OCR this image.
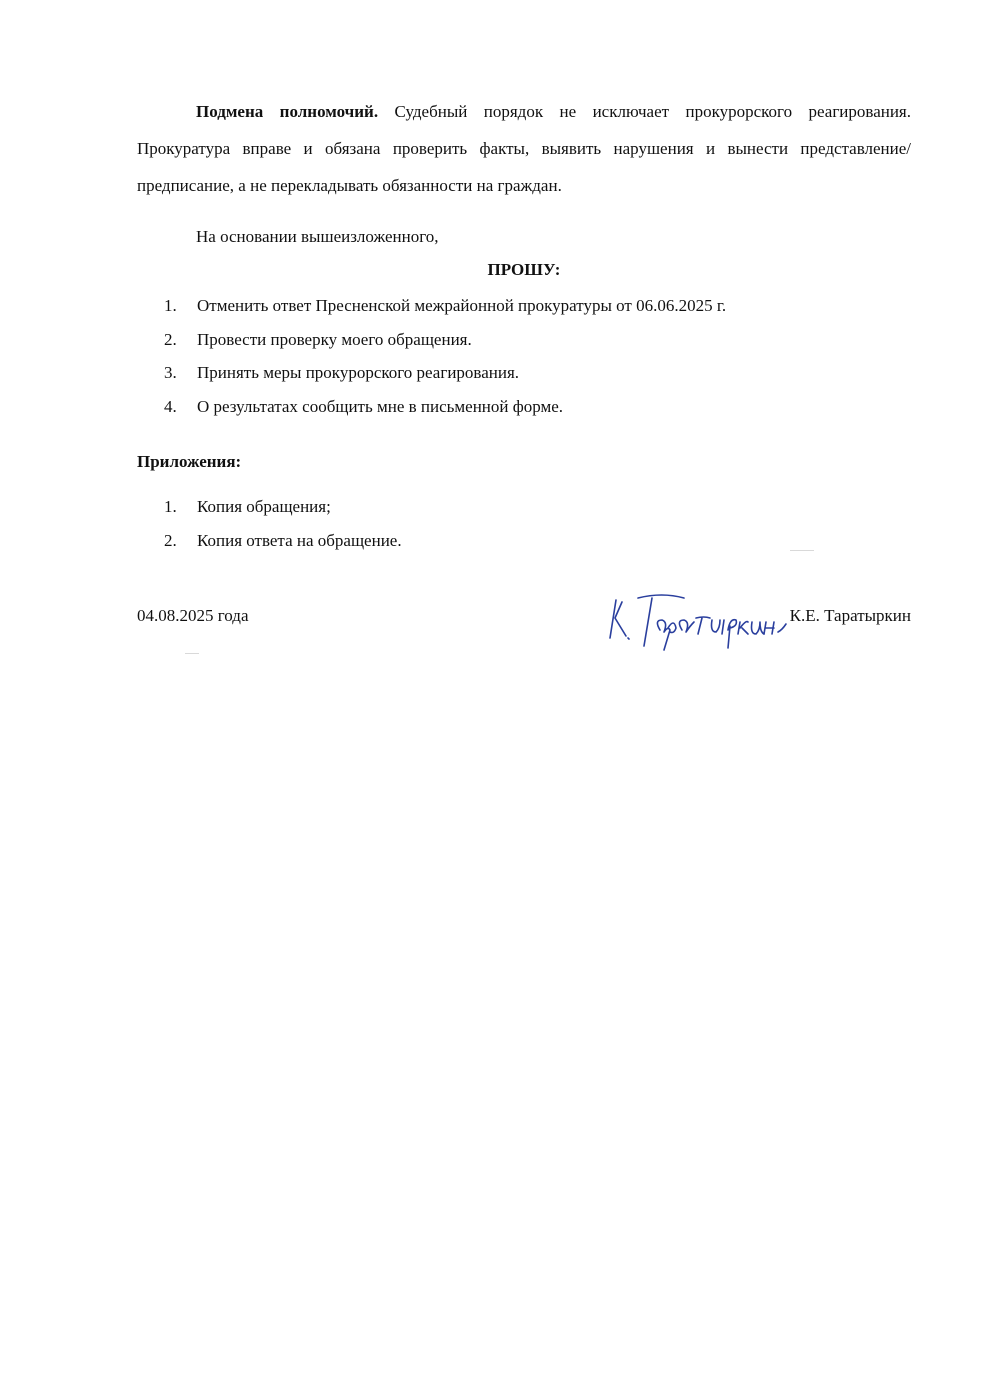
Подмена полномочий. Судебный порядок не исключает прокурорского реагирования. Прокуратура вправе и обязана проверить факты, выявить нарушения и вынести представление/предписание, а не перекладывать обязанности на граждан.

На основании вышеизложенного,

ПРОШУ:

1. Отменить ответ Пресненской межрайонной прокуратуры от 06.06.2025 г.
2. Провести проверку моего обращения.
3. Принять меры прокурорского реагирования.
4. О результатах сообщить мне в письменной форме.

Приложения:

1. Копия обращения;
2. Копия ответа на обращение.
04.08.2025 года	К.Е. Таратыркин
